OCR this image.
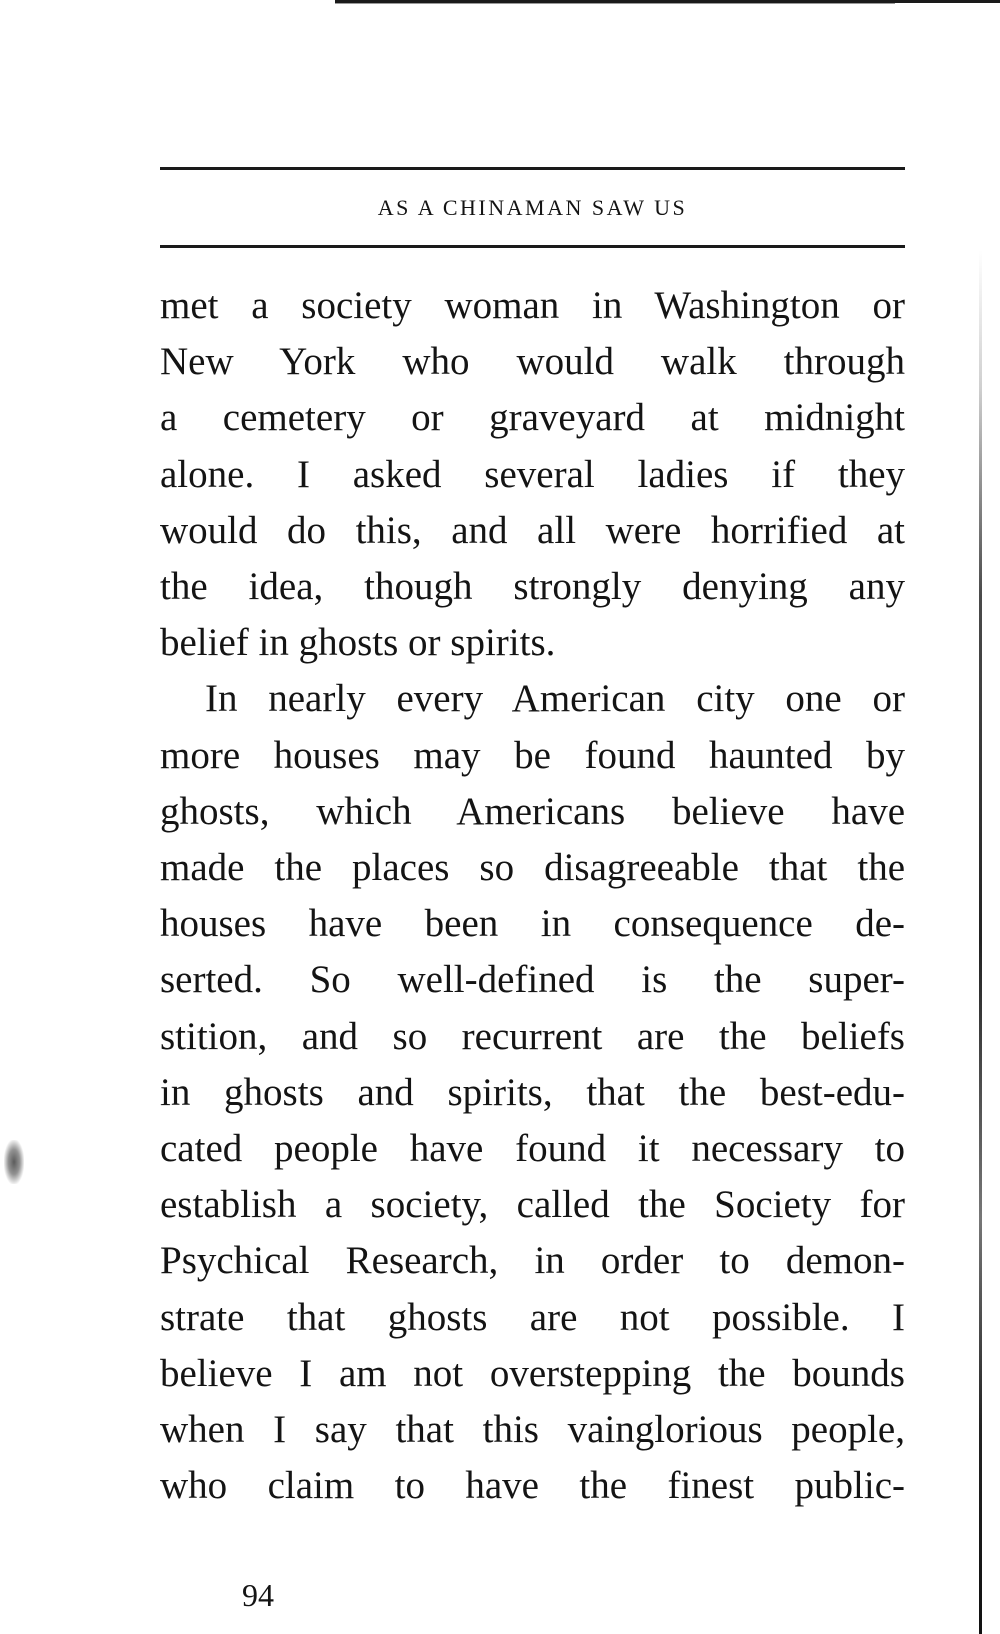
AS A CHINAMAN SAW US
met a society woman in Washington or
New York who would walk through
a cemetery or graveyard at midnight
alone. I asked several ladies if they
would do this, and all were horrified at
the idea, though strongly denying any
belief in ghosts or spirits.
In nearly every American city one or
more houses may be found haunted by
ghosts, which Americans believe have
made the places so disagreeable that the
houses have been in consequence de-
serted. So well-defined is the super-
stition, and so recurrent are the beliefs
in ghosts and spirits, that the best-edu-
cated people have found it necessary to
establish a society, called the Society for
Psychical Research, in order to demon-
strate that ghosts are not possible. I
believe I am not overstepping the bounds
when I say that this vainglorious people,
who claim to have the finest public-
94
